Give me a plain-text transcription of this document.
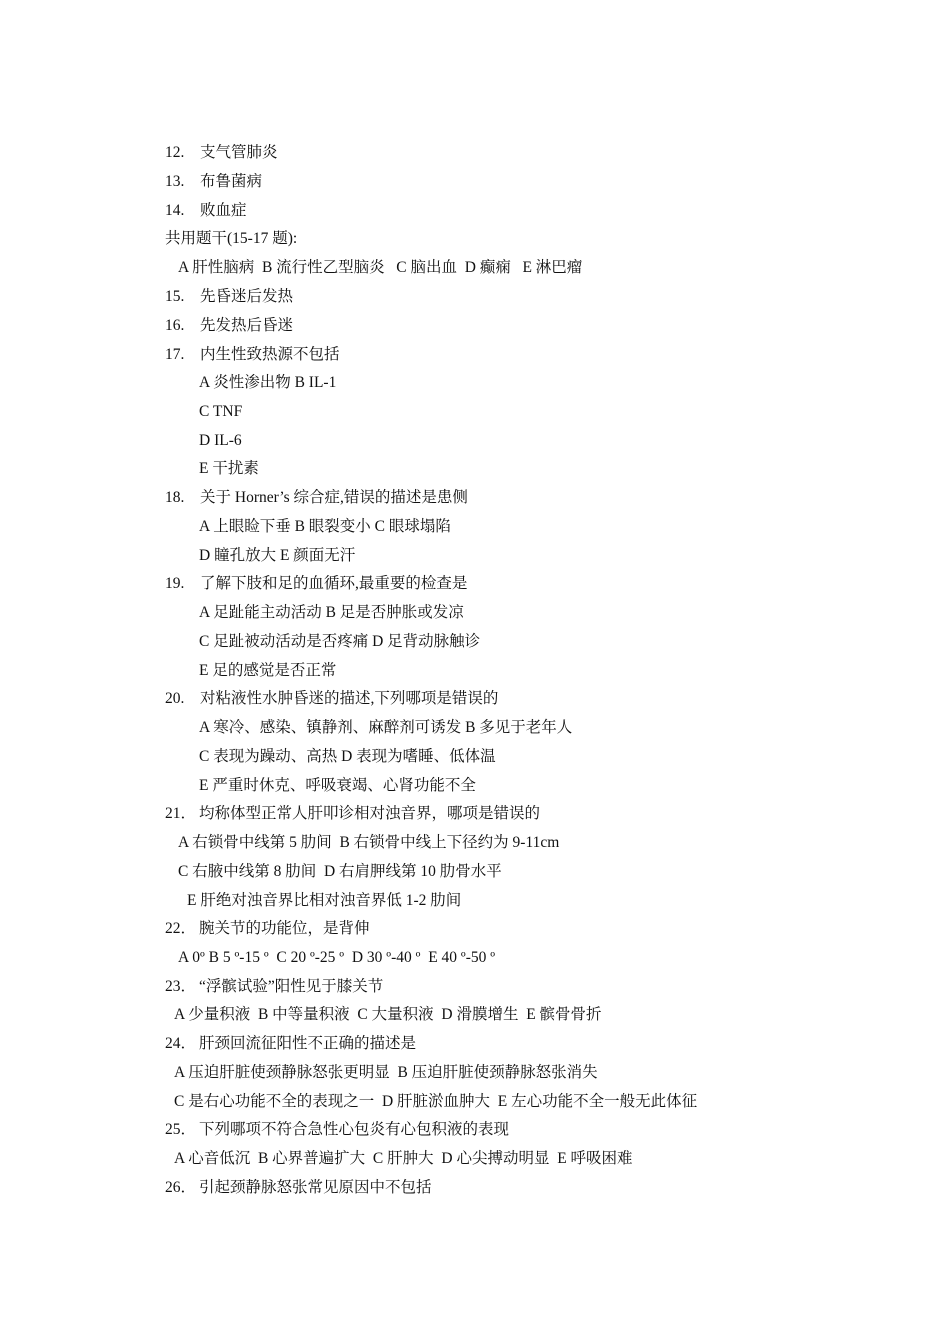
12. 支气管肺炎
13. 布鲁菌病
14. 败血症
共用题干(15-17 题):
A 肝性脑病  B 流行性乙型脑炎   C 脑出血  D 癫痫   E 淋巴瘤
15. 先昏迷后发热
16. 先发热后昏迷
17. 内生性致热源不包括
A 炎性渗出物 B IL-1
C TNF
D IL-6
E 干扰素
18. 关于 Horner’s 综合症,错误的描述是患侧
A 上眼睑下垂 B 眼裂变小 C 眼球塌陷
D 瞳孔放大 E 颜面无汗
19. 了解下肢和足的血循环,最重要的检查是
A 足趾能主动活动 B 足是否肿胀或发凉
C 足趾被动活动是否疼痛 D 足背动脉触诊
E 足的感觉是否正常
20. 对粘液性水肿昏迷的描述,下列哪项是错误的
A 寒冷、感染、镇静剂、麻醉剂可诱发 B 多见于老年人
C 表现为躁动、高热 D 表现为嗜睡、低体温
E 严重时休克、呼吸衰竭、心肾功能不全
21． 均称体型正常人肝叩诊相对浊音界，哪项是错误的
A 右锁骨中线第 5 肋间  B 右锁骨中线上下径约为 9-11cm
C 右腋中线第 8 肋间  D 右肩胛线第 10 肋骨水平
E 肝绝对浊音界比相对浊音界低 1-2 肋间
22． 腕关节的功能位，是背伸
A 0º B 5 º-15 º  C 20 º-25 º  D 30 º-40 º  E 40 º-50 º
23． “浮髌试验”阳性见于膝关节
A 少量积液  B 中等量积液  C 大量积液  D 滑膜增生  E 髌骨骨折
24． 肝颈回流征阳性不正确的描述是
A 压迫肝脏使颈静脉怒张更明显  B 压迫肝脏使颈静脉怒张消失
C 是右心功能不全的表现之一  D 肝脏淤血肿大  E 左心功能不全一般无此体征
25． 下列哪项不符合急性心包炎有心包积液的表现
A 心音低沉  B 心界普遍扩大  C 肝肿大  D 心尖搏动明显  E 呼吸困难
26． 引起颈静脉怒张常见原因中不包括
